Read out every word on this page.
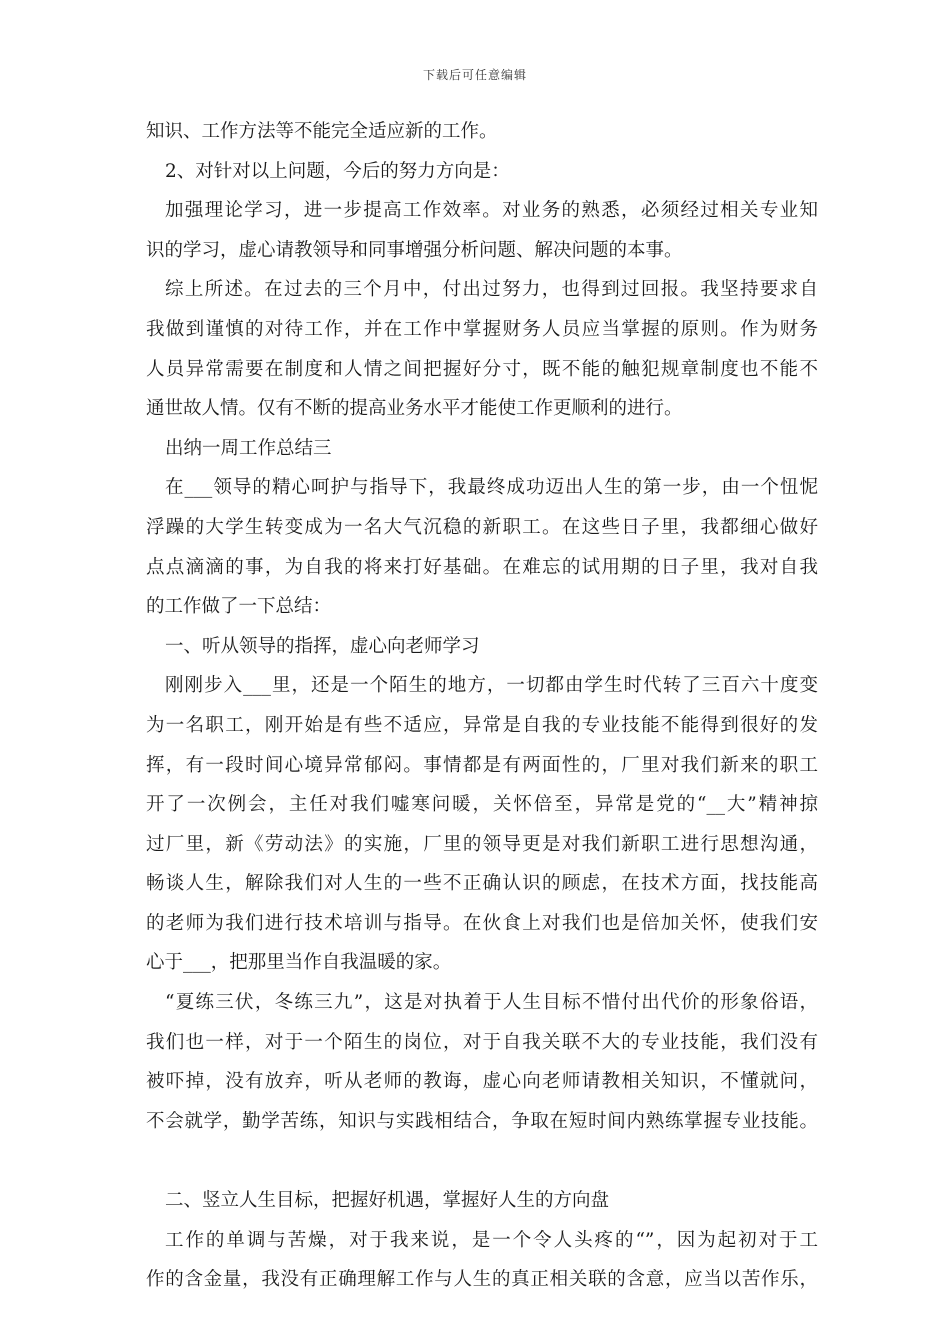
下载后可任意编辑
知识、工作方法等不能完全适应新的工作。
2、对针对以上问题，今后的努力方向是：
加强理论学习，进一步提高工作效率。对业务的熟悉，必须经过相关专业知
识的学习，虚心请教领导和同事增强分析问题、解决问题的本事。
综上所述。在过去的三个月中，付出过努力，也得到过回报。我坚持要求自
我做到谨慎的对待工作，并在工作中掌握财务人员应当掌握的原则。作为财务
人员异常需要在制度和人情之间把握好分寸，既不能的触犯规章制度也不能不
通世故人情。仅有不断的提高业务水平才能使工作更顺利的进行。
出纳一周工作总结三
在___领导的精心呵护与指导下，我最终成功迈出人生的第一步，由一个忸怩
浮躁的大学生转变成为一名大气沉稳的新职工。在这些日子里，我都细心做好
点点滴滴的事，为自我的将来打好基础。在难忘的试用期的日子里，我对自我
的工作做了一下总结：
一、听从领导的指挥，虚心向老师学习
刚刚步入___里，还是一个陌生的地方，一切都由学生时代转了三百六十度变
为一名职工，刚开始是有些不适应，异常是自我的专业技能不能得到很好的发
挥，有一段时间心境异常郁闷。事情都是有两面性的，厂里对我们新来的职工
开了一次例会，主任对我们嘘寒问暖，关怀倍至，异常是党的“__大”精神掠
过厂里，新《劳动法》的实施，厂里的领导更是对我们新职工进行思想沟通，
畅谈人生，解除我们对人生的一些不正确认识的顾虑，在技术方面，找技能高
的老师为我们进行技术培训与指导。在伙食上对我们也是倍加关怀，使我们安
心于___，把那里当作自我温暖的家。
“夏练三伏，冬练三九”，这是对执着于人生目标不惜付出代价的形象俗语，
我们也一样，对于一个陌生的岗位，对于自我关联不大的专业技能，我们没有
被吓掉，没有放弃，听从老师的教诲，虚心向老师请教相关知识，不懂就问，
不会就学，勤学苦练，知识与实践相结合，争取在短时间内熟练掌握专业技能。
二、竖立人生目标，把握好机遇，掌握好人生的方向盘
工作的单调与苦燥，对于我来说，是一个令人头疼的“”，因为起初对于工
作的含金量，我没有正确理解工作与人生的真正相关联的含意，应当以苦作乐，
